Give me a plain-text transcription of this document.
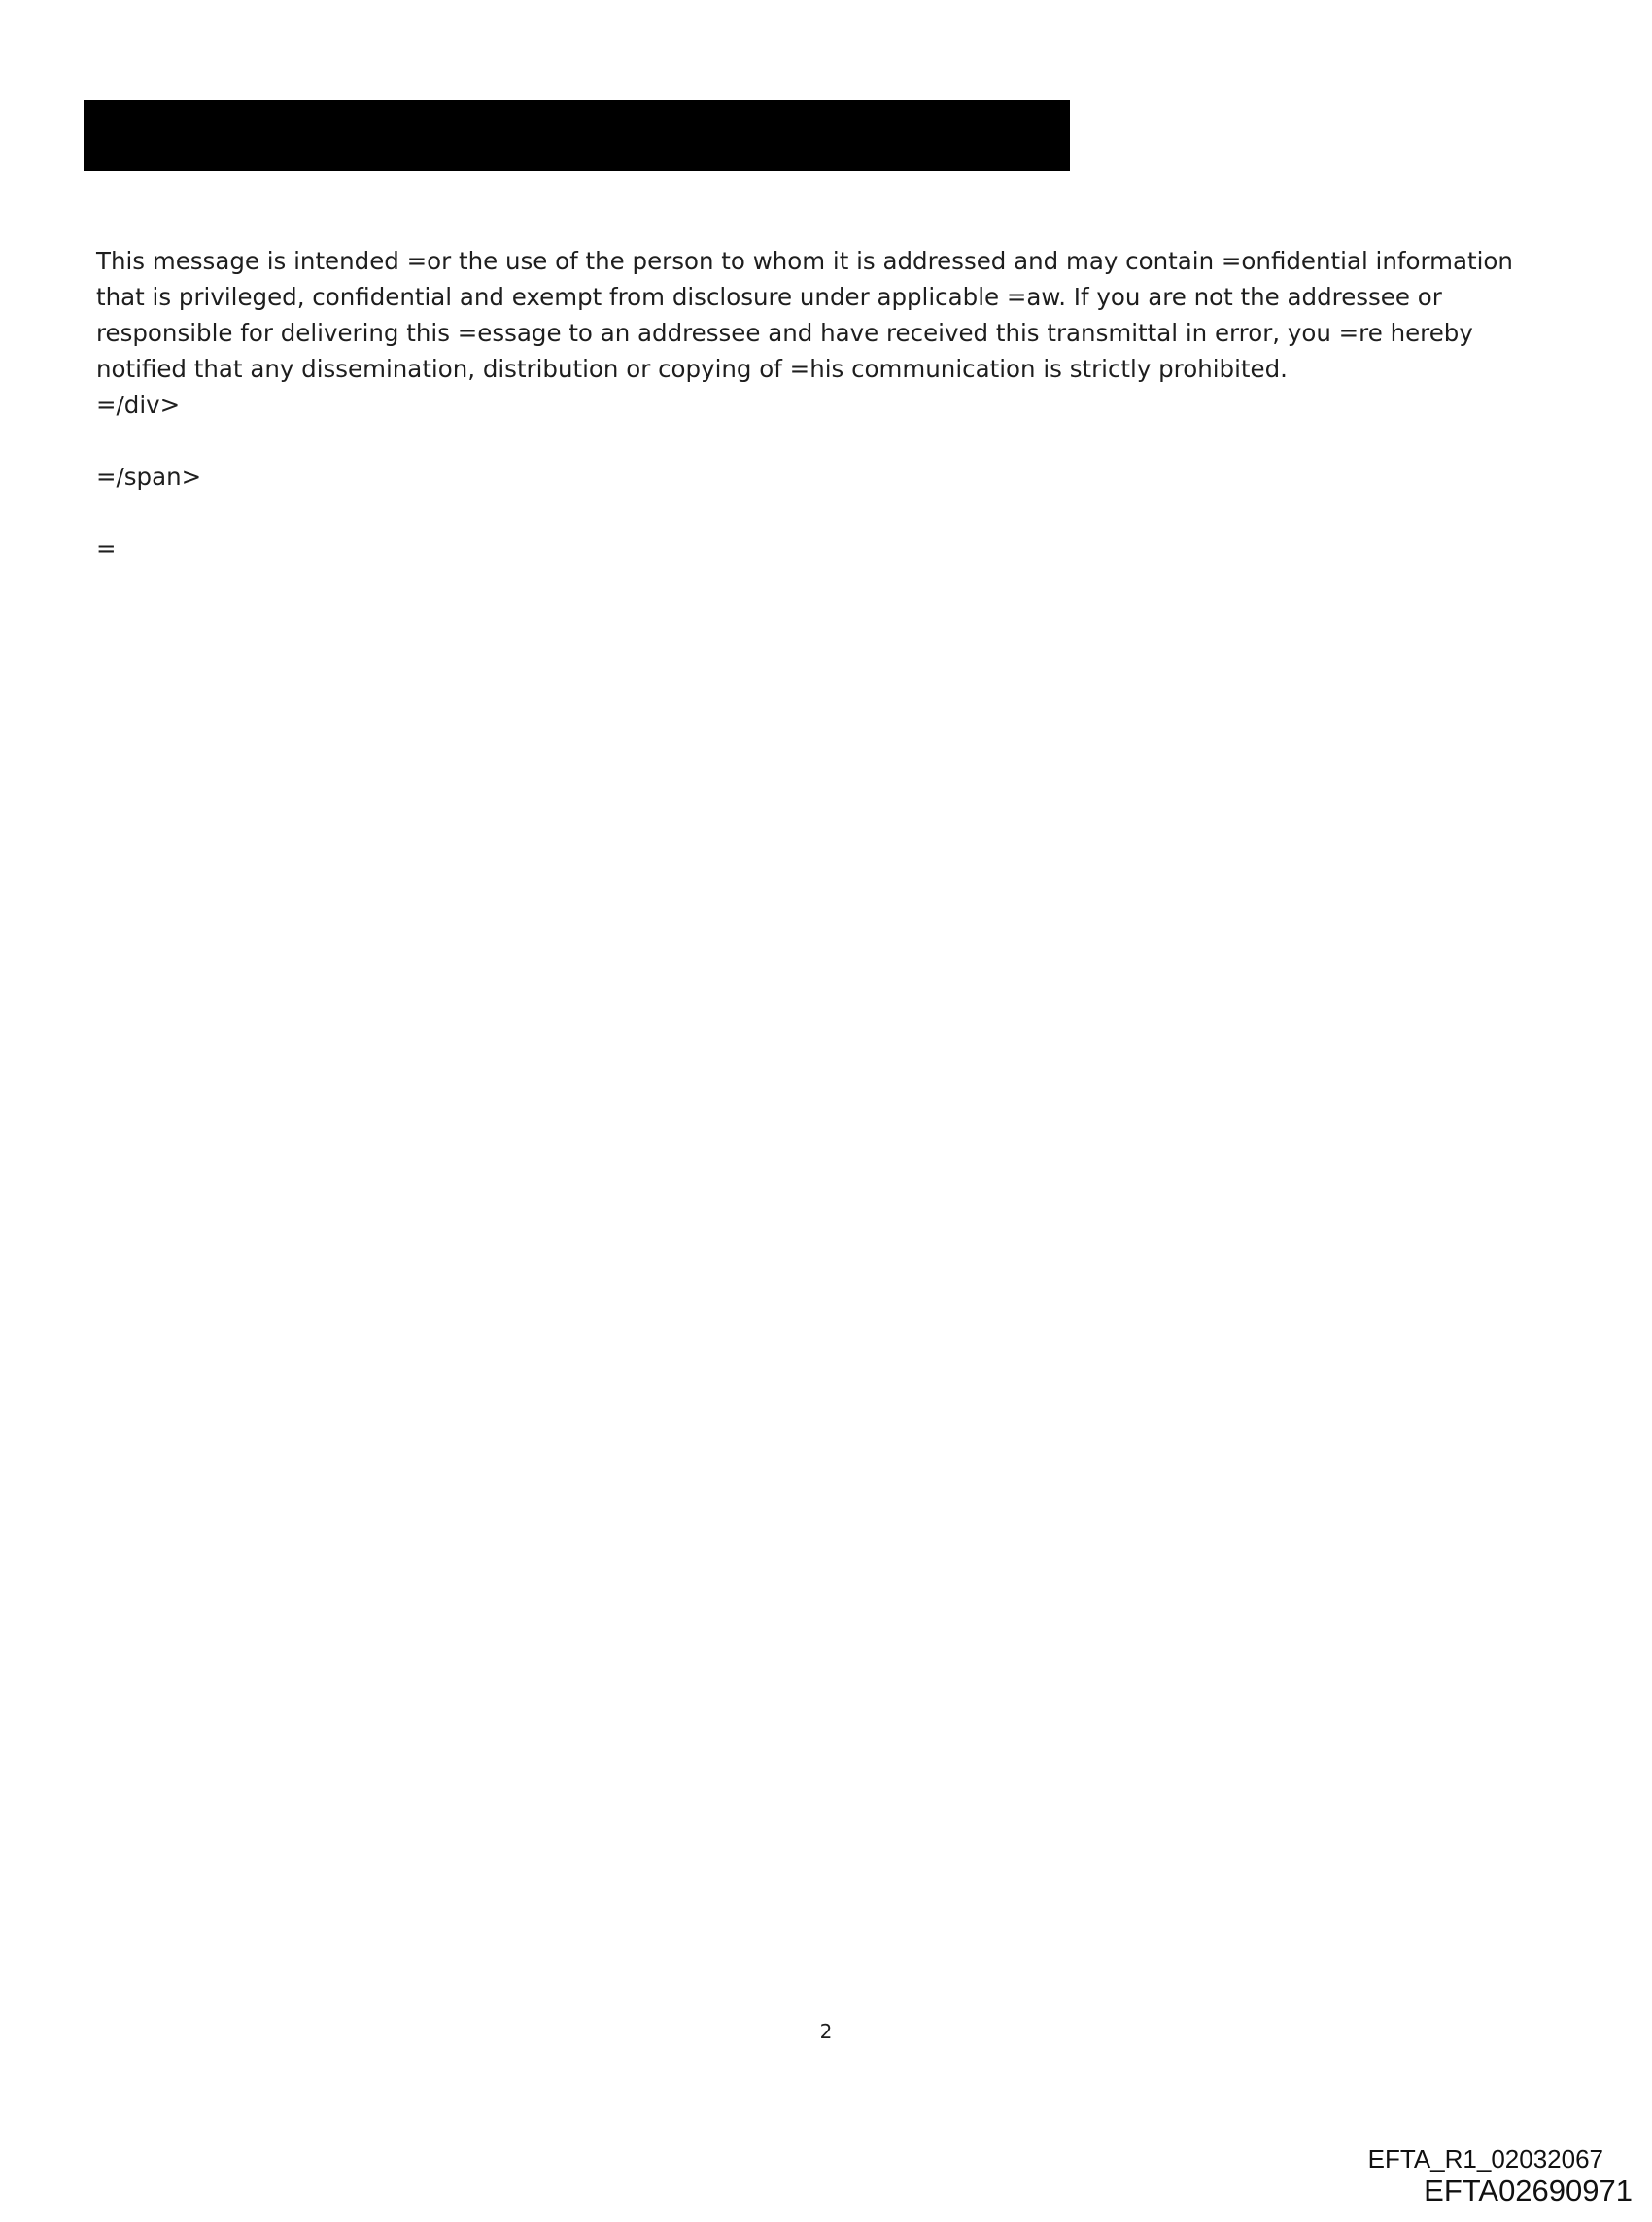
This message is intended =or the use of the person to whom it is addressed and may contain =onfidential information
that is privileged, confidential and exempt from disclosure under applicable =aw. If you are not the addressee or
responsible for delivering this =essage to an addressee and have received this transmittal in error, you =re hereby
notified that any dissemination, distribution or copying of =his communication is strictly prohibited.
=/div>
=/span>
=
2
EFTA_R1_02032067
EFTA02690971
